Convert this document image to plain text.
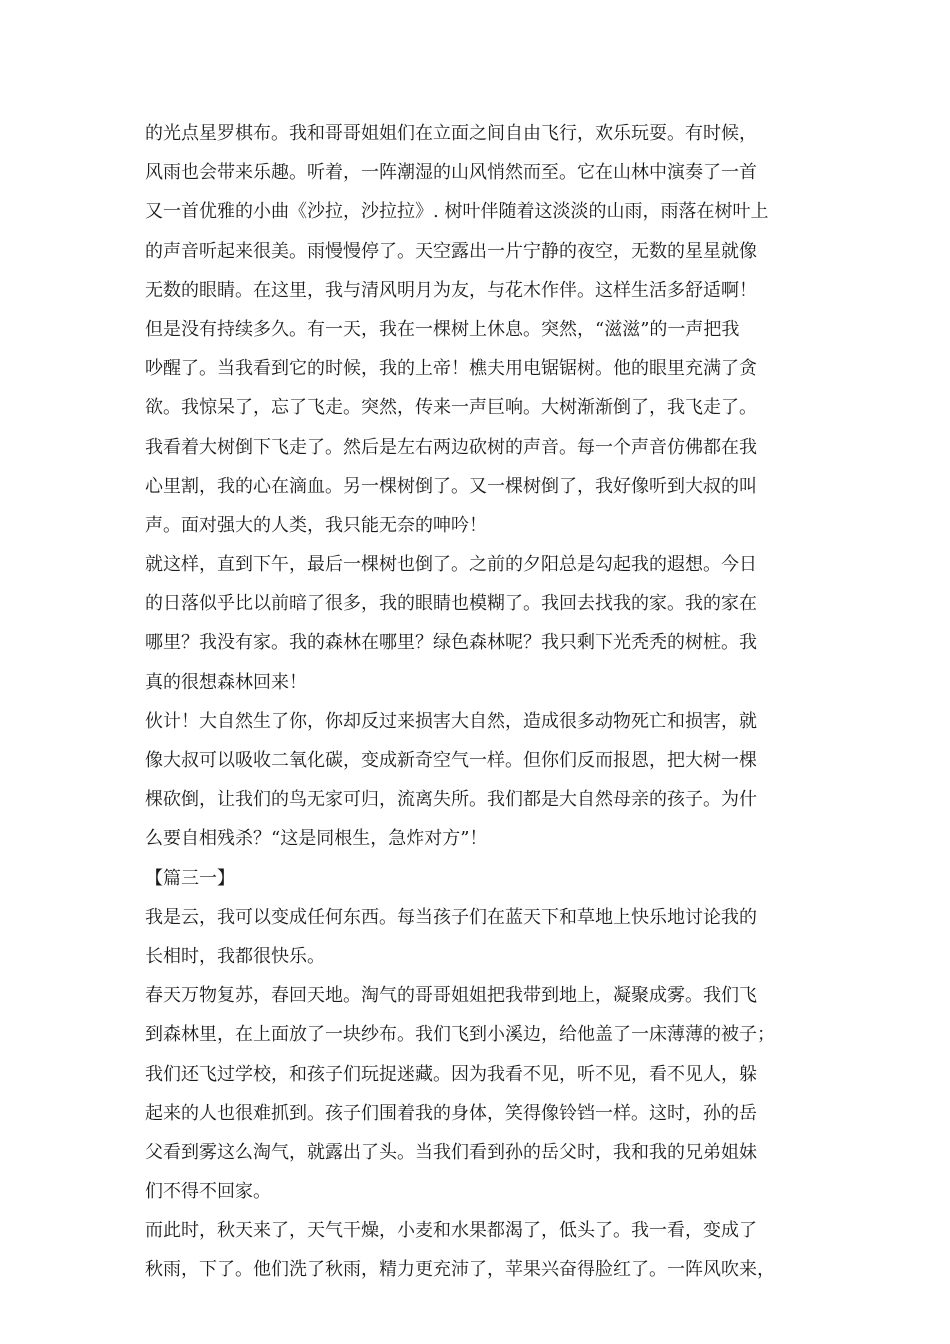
的光点星罗棋布。我和哥哥姐姐们在立面之间自由飞行，欢乐玩耍。有时候，
风雨也会带来乐趣。听着，一阵潮湿的山风悄然而至。它在山林中演奏了一首
又一首优雅的小曲《沙拉，沙拉拉》. 树叶伴随着这淡淡的山雨，雨落在树叶上
的声音听起来很美。雨慢慢停了。天空露出一片宁静的夜空，无数的星星就像
无数的眼睛。在这里，我与清风明月为友，与花木作伴。这样生活多舒适啊！
但是没有持续多久。有一天，我在一棵树上休息。突然，“滋滋”的一声把我
吵醒了。当我看到它的时候，我的上帝！樵夫用电锯锯树。他的眼里充满了贪
欲。我惊呆了，忘了飞走。突然，传来一声巨响。大树渐渐倒了，我飞走了。
我看着大树倒下飞走了。然后是左右两边砍树的声音。每一个声音仿佛都在我
心里割，我的心在滴血。另一棵树倒了。又一棵树倒了，我好像听到大叔的叫
声。面对强大的人类，我只能无奈的呻吟！
就这样，直到下午，最后一棵树也倒了。之前的夕阳总是勾起我的遐想。今日
的日落似乎比以前暗了很多，我的眼睛也模糊了。我回去找我的家。我的家在
哪里？我没有家。我的森林在哪里？绿色森林呢？我只剩下光秃秃的树桩。我
真的很想森林回来！
伙计！大自然生了你，你却反过来损害大自然，造成很多动物死亡和损害，就
像大叔可以吸收二氧化碳，变成新奇空气一样。但你们反而报恩，把大树一棵
棵砍倒，让我们的鸟无家可归，流离失所。我们都是大自然母亲的孩子。为什
么要自相残杀？“这是同根生，急炸对方”！
【篇三一】
我是云，我可以变成任何东西。每当孩子们在蓝天下和草地上快乐地讨论我的
长相时，我都很快乐。
春天万物复苏，春回天地。淘气的哥哥姐姐把我带到地上，凝聚成雾。我们飞
到森林里，在上面放了一块纱布。我们飞到小溪边，给他盖了一床薄薄的被子；
我们还飞过学校，和孩子们玩捉迷藏。因为我看不见，听不见，看不见人，躲
起来的人也很难抓到。孩子们围着我的身体，笑得像铃铛一样。这时，孙的岳
父看到雾这么淘气，就露出了头。当我们看到孙的岳父时，我和我的兄弟姐妹
们不得不回家。
而此时，秋天来了，天气干燥，小麦和水果都渴了，低头了。我一看，变成了
秋雨，下了。他们洗了秋雨，精力更充沛了，苹果兴奋得脸红了。一阵风吹来，
